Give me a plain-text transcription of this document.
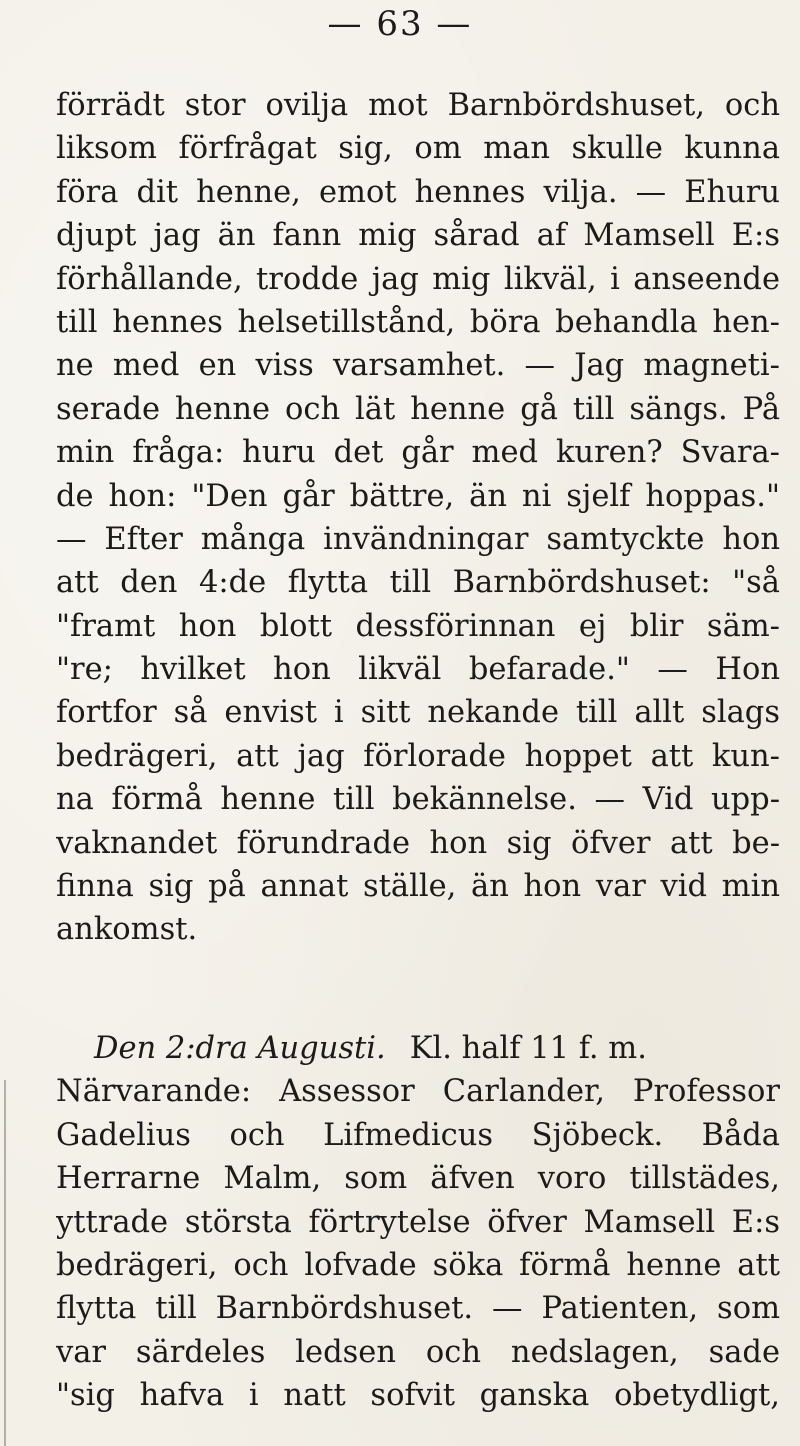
— 63 —
förrädt stor ovilja mot Barnbördshuset, och
liksom förfrågat sig, om man skulle kunna
föra dit henne, emot hennes vilja. — Ehuru
djupt jag än fann mig sårad af Mamsell E:s
förhållande, trodde jag mig likväl, i anseende
till hennes helsetillstånd, böra behandla hen-
ne med en viss varsamhet. — Jag magneti-
serade henne och lät henne gå till sängs. På
min fråga: huru det går med kuren? Svara-
de hon: "Den går bättre, än ni sjelf hoppas."
— Efter många invändningar samtyckte hon
att den 4:de flytta till Barnbördshuset: "så
"framt hon blott dessförinnan ej blir säm-
"re; hvilket hon likväl befarade." — Hon
fortfor så envist i sitt nekande till allt slags
bedrägeri, att jag förlorade hoppet att kun-
na förmå henne till bekännelse. — Vid upp-
vaknandet förundrade hon sig öfver att be-
finna sig på annat ställe, än hon var vid min
ankomst.
Den 2:dra Augusti. Kl. half 11 f. m.
Närvarande: Assessor Carlander, Professor
Gadelius och Lifmedicus Sjöbeck. Båda
Herrarne Malm, som äfven voro tillstädes,
yttrade största förtrytelse öfver Mamsell E:s
bedrägeri, och lofvade söka förmå henne att
flytta till Barnbördshuset. — Patienten, som
var särdeles ledsen och nedslagen, sade
"sig hafva i natt sofvit ganska obetydligt,
